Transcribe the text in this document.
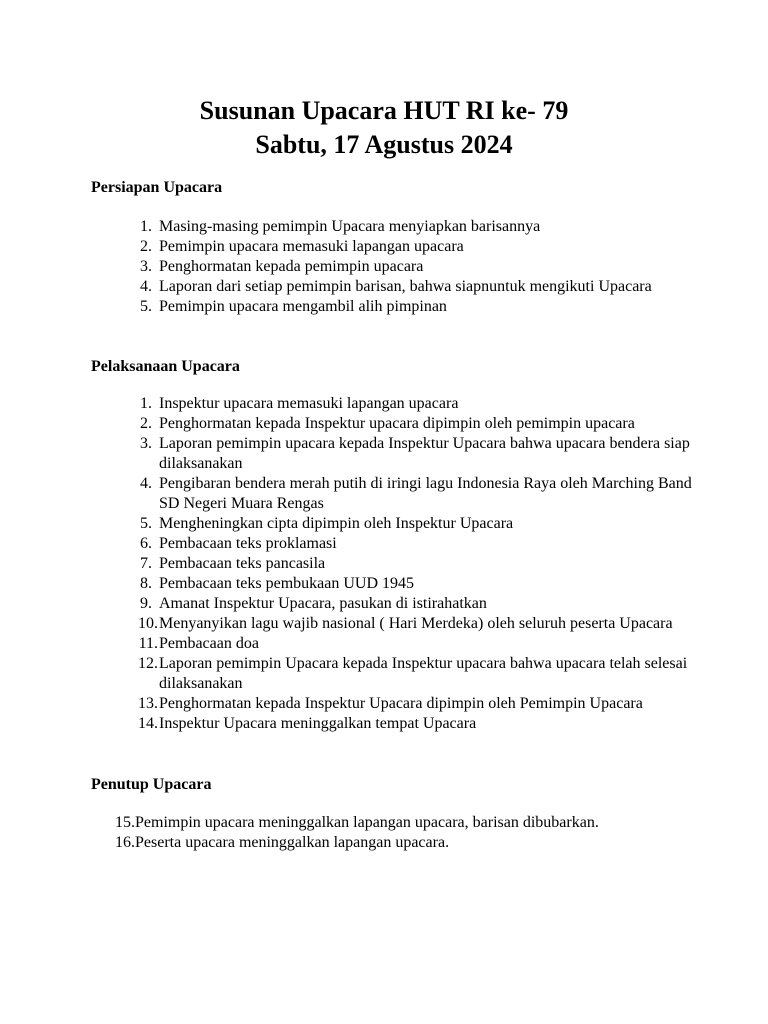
Susunan Upacara HUT RI ke- 79
Sabtu, 17 Agustus 2024
Persiapan Upacara
1. Masing-masing pemimpin Upacara menyiapkan barisannya
2. Pemimpin upacara memasuki lapangan upacara
3. Penghormatan kepada pemimpin upacara
4. Laporan dari setiap pemimpin barisan, bahwa siapnuntuk mengikuti Upacara
5. Pemimpin upacara mengambil alih pimpinan
Pelaksanaan Upacara
1. Inspektur upacara memasuki lapangan upacara
2. Penghormatan kepada Inspektur upacara dipimpin oleh pemimpin upacara
3. Laporan pemimpin upacara kepada Inspektur Upacara bahwa upacara bendera siap dilaksanakan
4. Pengibaran bendera merah putih di iringi lagu Indonesia Raya oleh Marching Band SD Negeri Muara Rengas
5. Mengheningkan cipta dipimpin oleh Inspektur Upacara
6. Pembacaan teks proklamasi
7. Pembacaan teks pancasila
8. Pembacaan teks pembukaan UUD 1945
9. Amanat Inspektur Upacara, pasukan di istirahatkan
10. Menyanyikan lagu wajib nasional ( Hari Merdeka) oleh seluruh peserta Upacara
11. Pembacaan doa
12. Laporan pemimpin Upacara kepada Inspektur upacara bahwa upacara telah selesai dilaksanakan
13. Penghormatan kepada Inspektur Upacara dipimpin oleh Pemimpin Upacara
14. Inspektur Upacara meninggalkan tempat Upacara
Penutup Upacara
15. Pemimpin upacara meninggalkan lapangan upacara, barisan dibubarkan.
16. Peserta upacara meninggalkan lapangan upacara.
